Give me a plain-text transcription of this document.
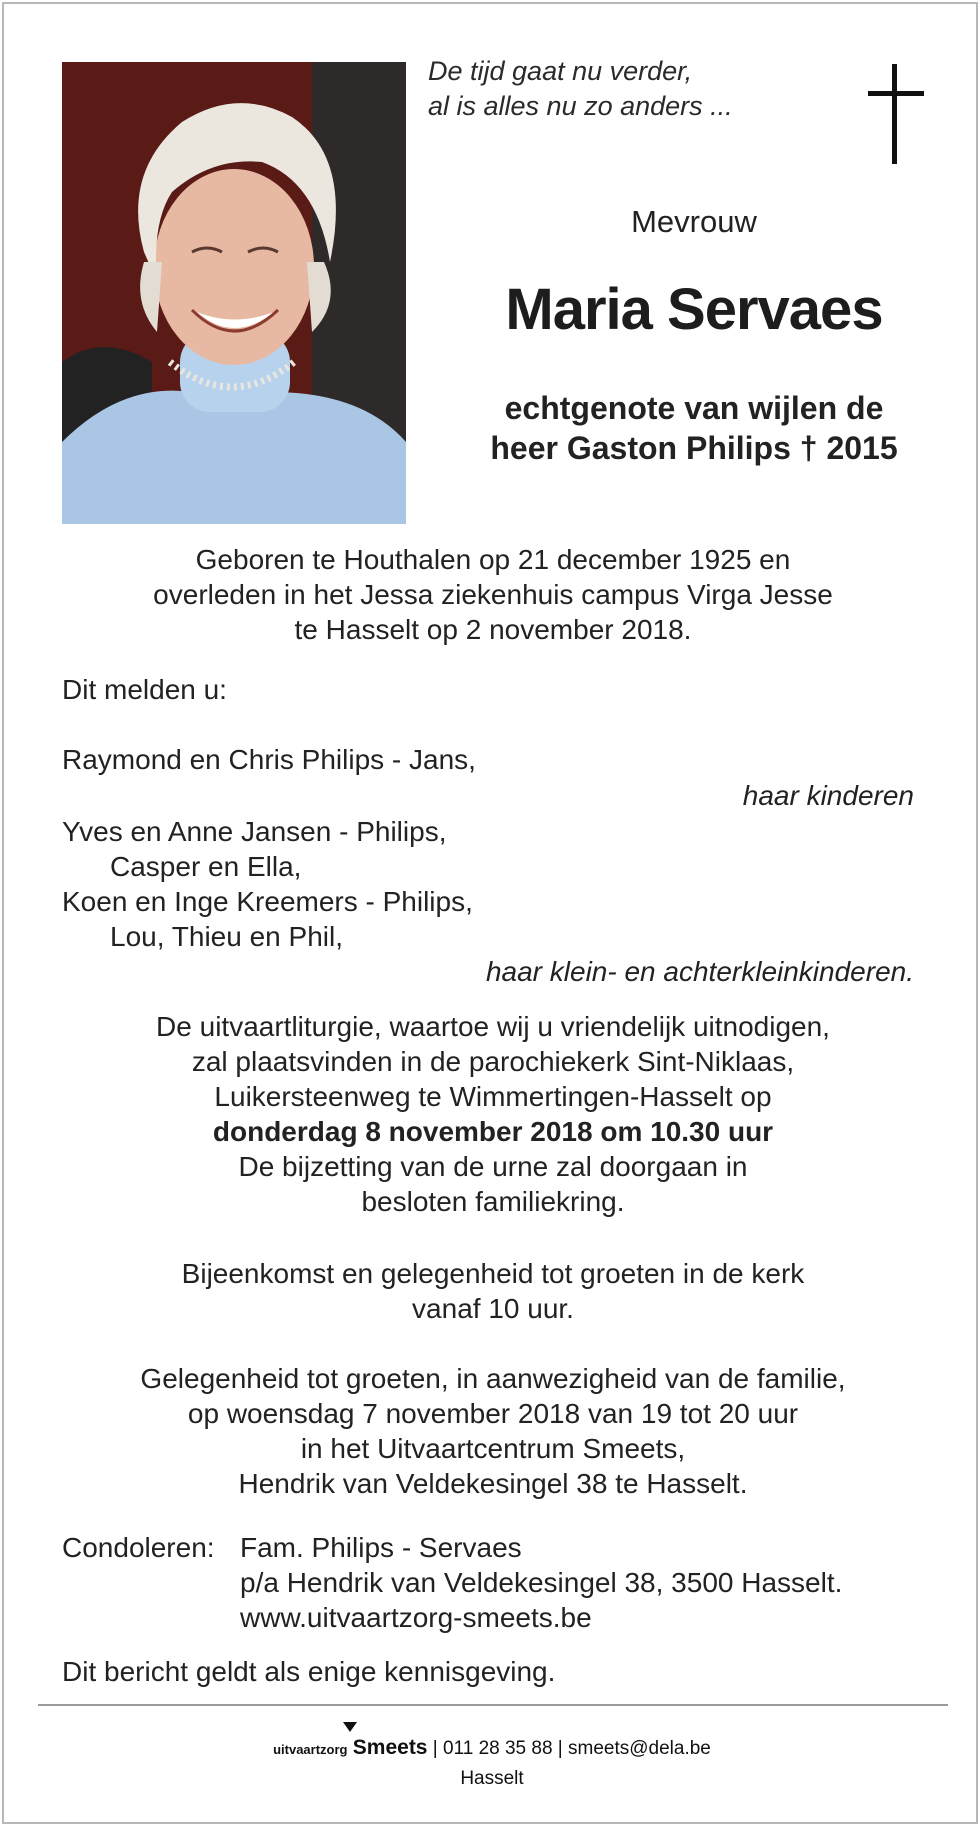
De tijd gaat nu verder,
al is alles nu zo anders ...
Mevrouw
Maria Servaes
echtgenote van wijlen de
heer Gaston Philips † 2015
Geboren te Houthalen op 21 december 1925 en
overleden in het Jessa ziekenhuis campus Virga Jesse
te Hasselt op 2 november 2018.
Dit melden u:
Raymond en Chris Philips - Jans,
haar kinderen
Yves en Anne Jansen - Philips,
Casper en Ella,
Koen en Inge Kreemers - Philips,
Lou, Thieu en Phil,
haar klein- en achterkleinkinderen.
De uitvaartliturgie, waartoe wij u vriendelijk uitnodigen,
zal plaatsvinden in de parochiekerk Sint-Niklaas,
Luikersteenweg te Wimmertingen-Hasselt op
donderdag 8 november 2018 om 10.30 uur
De bijzetting van de urne zal doorgaan in
besloten familiekring.
Bijeenkomst en gelegenheid tot groeten in de kerk
vanaf 10 uur.
Gelegenheid tot groeten, in aanwezigheid van de familie,
op woensdag 7 november 2018 van 19 tot 20 uur
in het Uitvaartcentrum Smeets,
Hendrik van Veldekesingel 38 te Hasselt.
Condoleren: Fam. Philips - Servaes
p/a Hendrik van Veldekesingel 38, 3500 Hasselt.
www.uitvaartzorg-smeets.be
Dit bericht geldt als enige kennisgeving.
uitvaartzorg Smeets | 011 28 35 88 | smeets@dela.be
Hasselt
